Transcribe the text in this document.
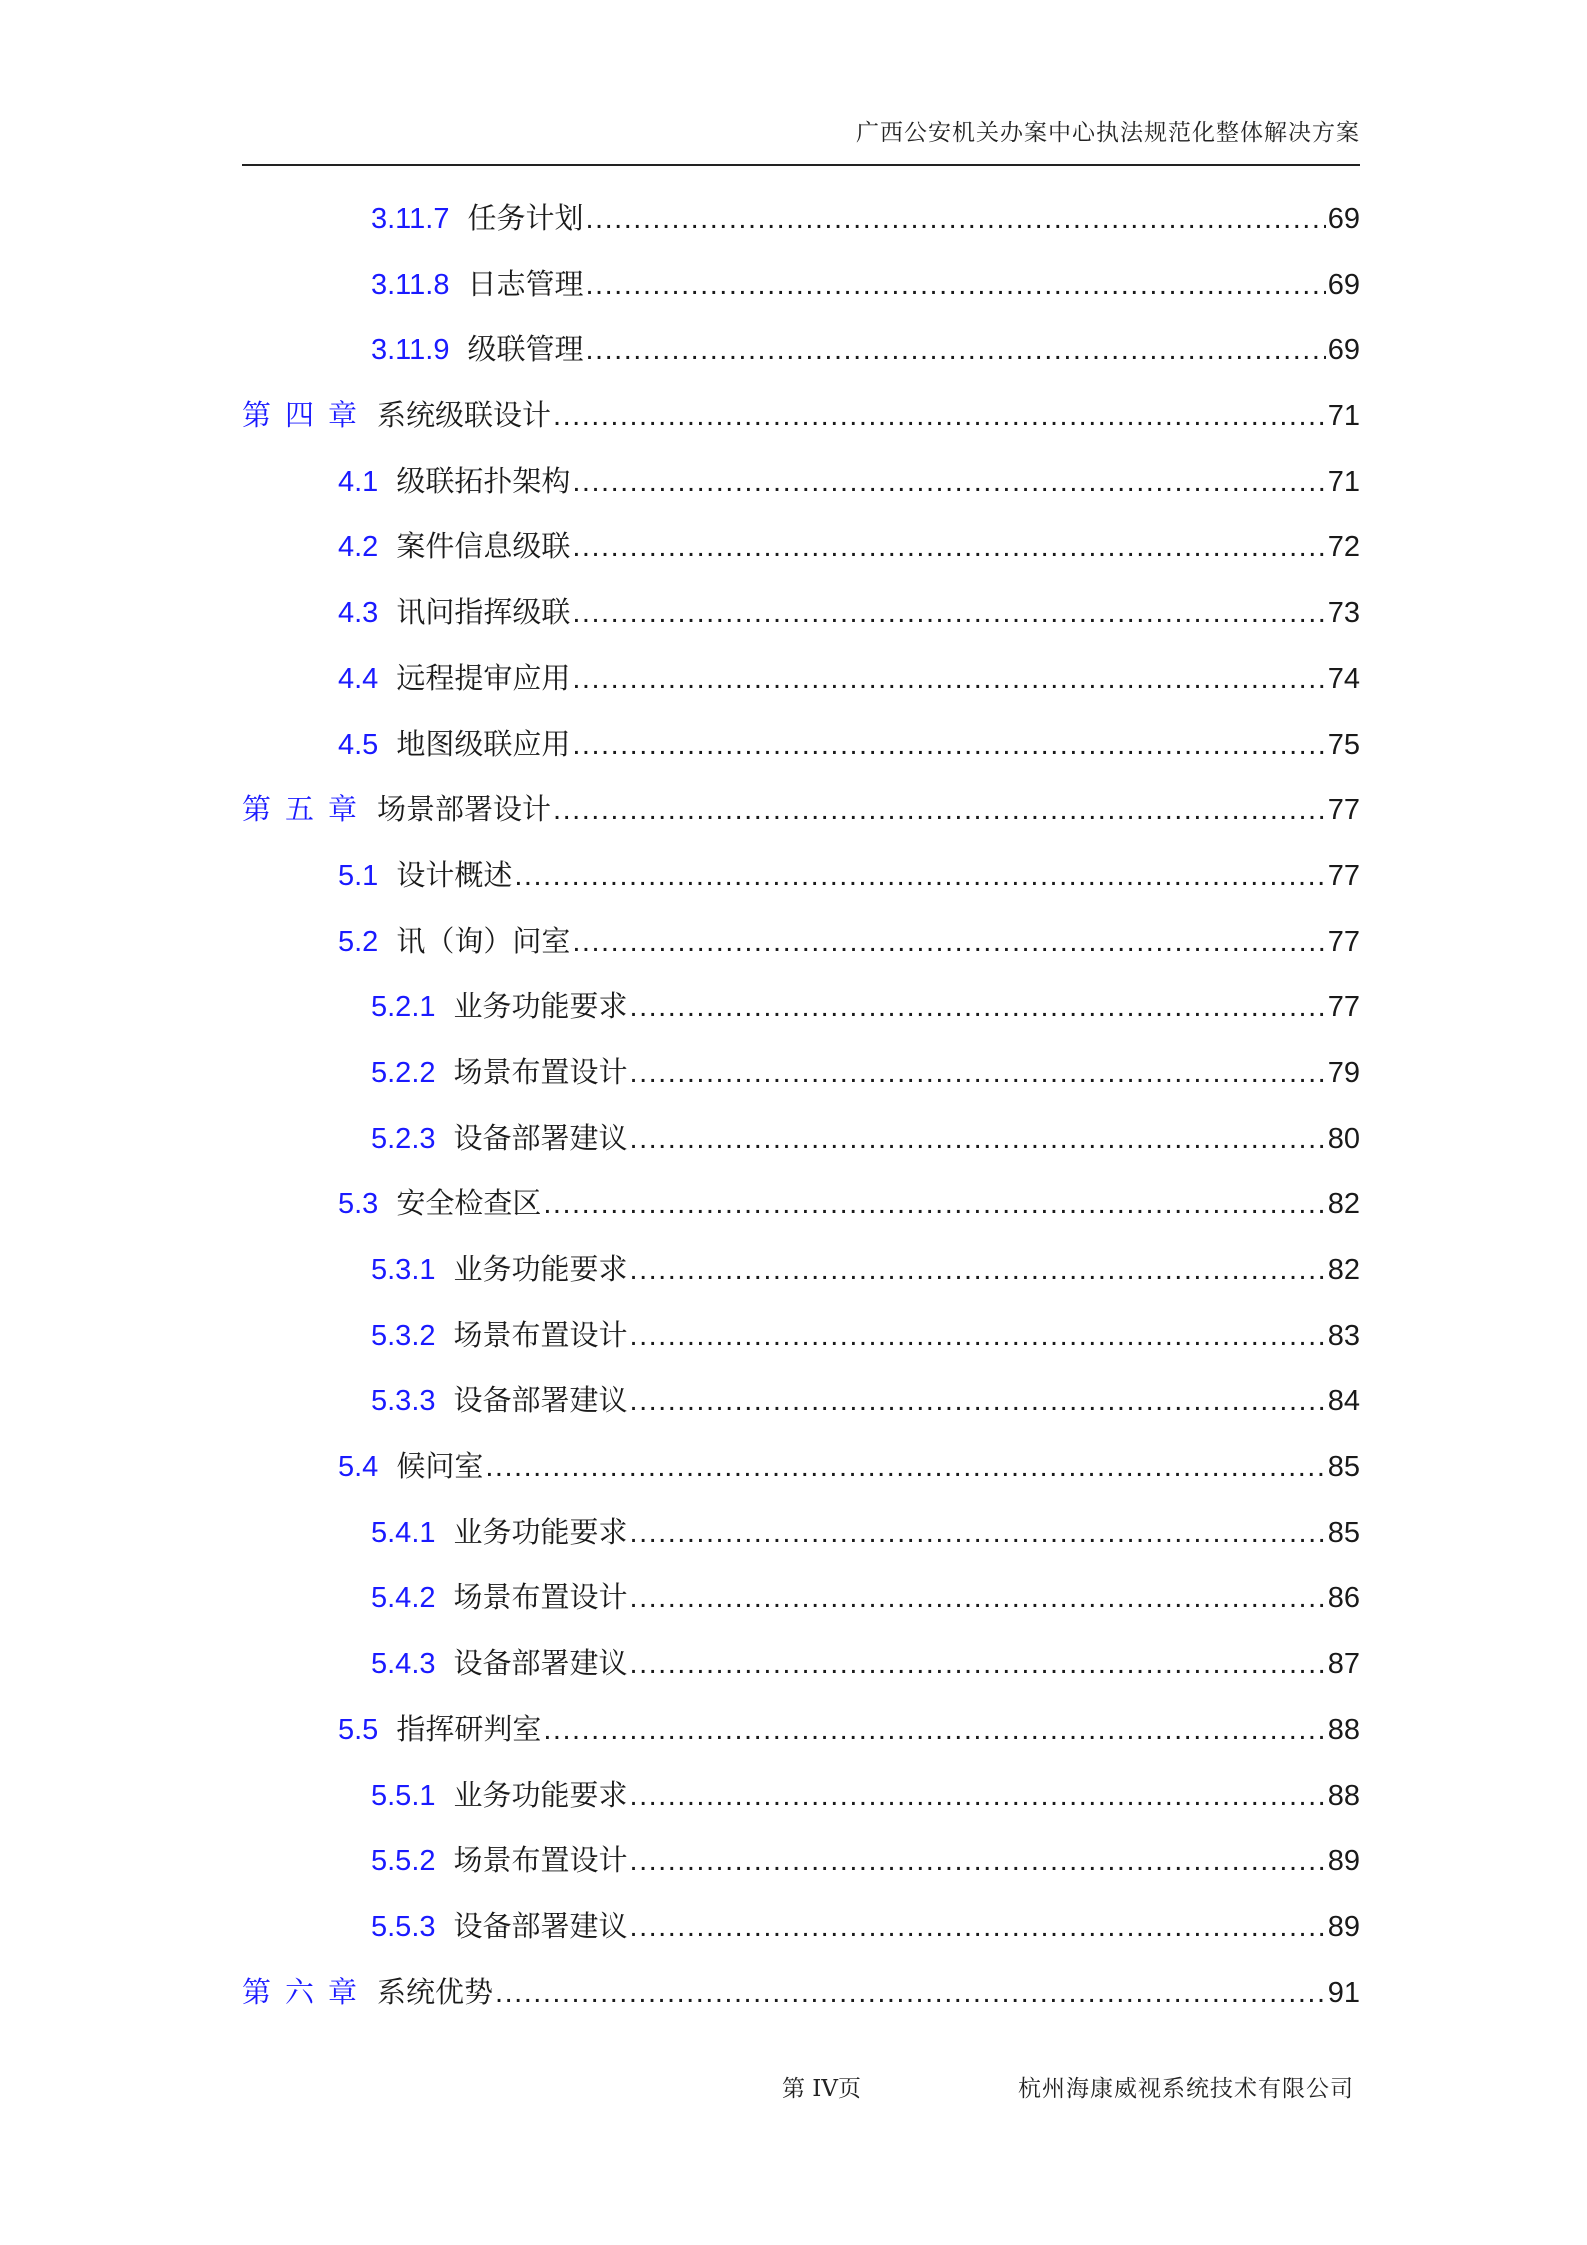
广西公安机关办案中心执法规范化整体解决方案
3.11.7 任务计划 .....	69
3.11.8 日志管理 .....	69
3.11.9 级联管理 .....	69
第四章 系统级联设计 .....	71
4.1 级联拓扑架构 .....	71
4.2 案件信息级联 .....	72
4.3 讯问指挥级联 .....	73
4.4 远程提审应用 .....	74
4.5 地图级联应用 .....	75
第五章 场景部署设计 .....	77
5.1 设计概述 .....	77
5.2 讯（询）问室 .....	77
5.2.1 业务功能要求 .....	77
5.2.2 场景布置设计 .....	79
5.2.3 设备部署建议 .....	80
5.3 安全检查区 .....	82
5.3.1 业务功能要求 .....	82
5.3.2 场景布置设计 .....	83
5.3.3 设备部署建议 .....	84
5.4 候问室 .....	85
5.4.1 业务功能要求 .....	85
5.4.2 场景布置设计 .....	86
5.4.3 设备部署建议 .....	87
5.5 指挥研判室 .....	88
5.5.1 业务功能要求 .....	88
5.5.2 场景布置设计 .....	89
5.5.3 设备部署建议 .....	89
第六章 系统优势 .....	91
第 IV页	杭州海康威视系统技术有限公司
